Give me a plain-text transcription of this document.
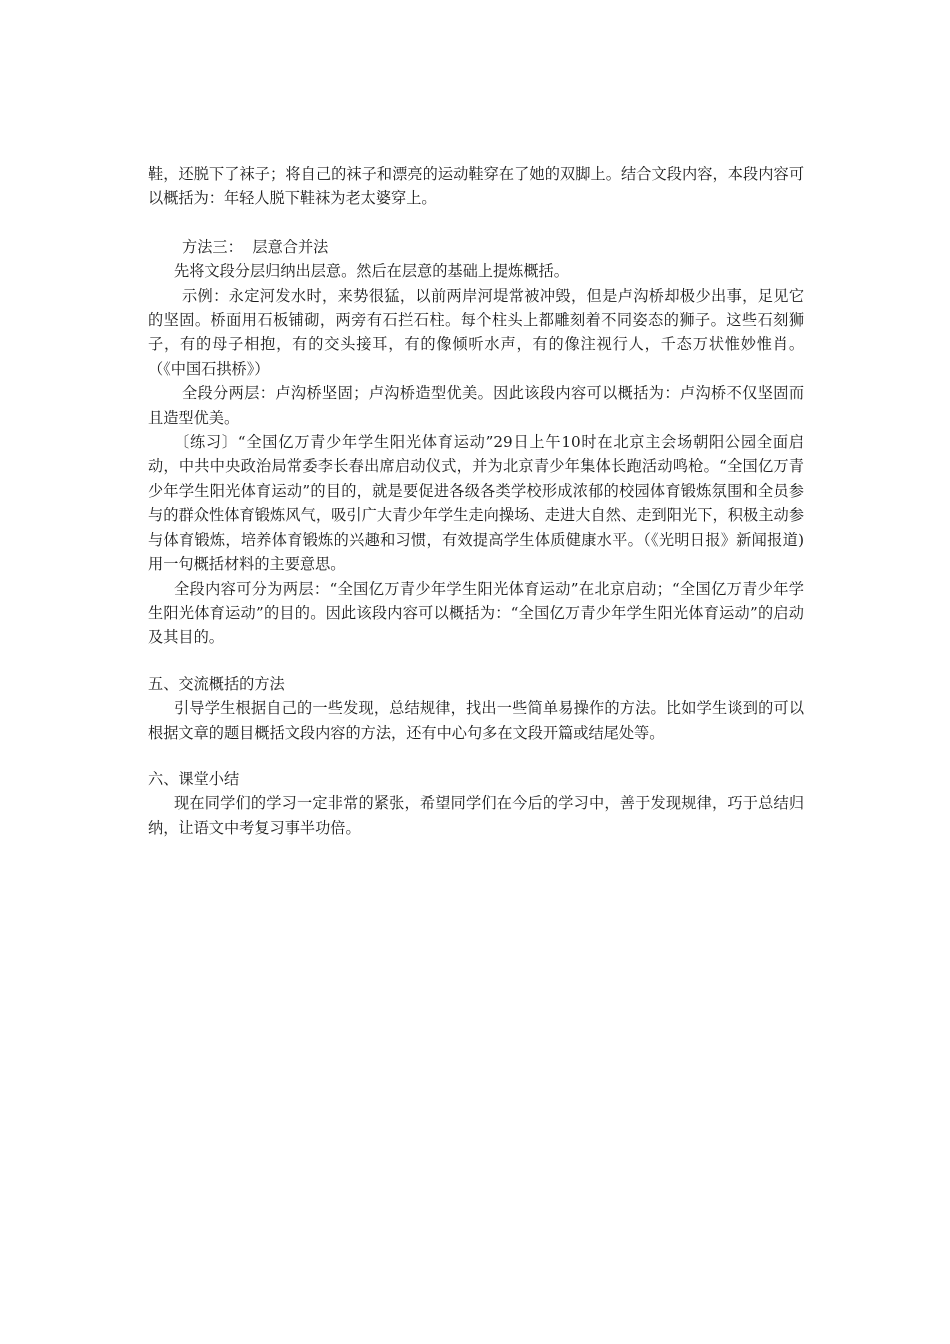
鞋，还脱下了袜子；将自己的袜子和漂亮的运动鞋穿在了她的双脚上。结合文段内容，本段内容可以概括为：年轻人脱下鞋袜为老太婆穿上。

方法三：  层意合并法

先将文段分层归纳出层意。然后在层意的基础上提炼概括。

示例：永定河发水时，来势很猛，以前两岸河堤常被冲毁，但是卢沟桥却极少出事，足见它的坚固。桥面用石板铺砌，两旁有石拦石柱。每个柱头上都雕刻着不同姿态的狮子。这些石刻狮子，有的母子相抱，有的交头接耳，有的像倾听水声，有的像注视行人，千态万状惟妙惟肖。  （《中国石拱桥》）

全段分两层：卢沟桥坚固；卢沟桥造型优美。因此该段内容可以概括为：卢沟桥不仅坚固而且造型优美。

〔练习〕“全国亿万青少年学生阳光体育运动”29日上午10时在北京主会场朝阳公园全面启动，中共中央政治局常委李长春出席启动仪式，并为北京青少年集体长跑活动鸣枪。“全国亿万青少年学生阳光体育运动”的目的，就是要促进各级各类学校形成浓郁的校园体育锻炼氛围和全员参与的群众性体育锻炼风气，吸引广大青少年学生走向操场、走进大自然、走到阳光下，积极主动参与体育锻炼，培养体育锻炼的兴趣和习惯，有效提高学生体质健康水平。（《光明日报》新闻报道)用一句概括材料的主要意思。

全段内容可分为两层：“全国亿万青少年学生阳光体育运动”在北京启动；“全国亿万青少年学生阳光体育运动”的目的。因此该段内容可以概括为：“全国亿万青少年学生阳光体育运动”的启动及其目的。

五、交流概括的方法

引导学生根据自己的一些发现，总结规律，找出一些简单易操作的方法。比如学生谈到的可以根据文章的题目概括文段内容的方法，还有中心句多在文段开篇或结尾处等。

六、课堂小结

现在同学们的学习一定非常的紧张，希望同学们在今后的学习中，善于发现规律，巧于总结归纳，让语文中考复习事半功倍。
